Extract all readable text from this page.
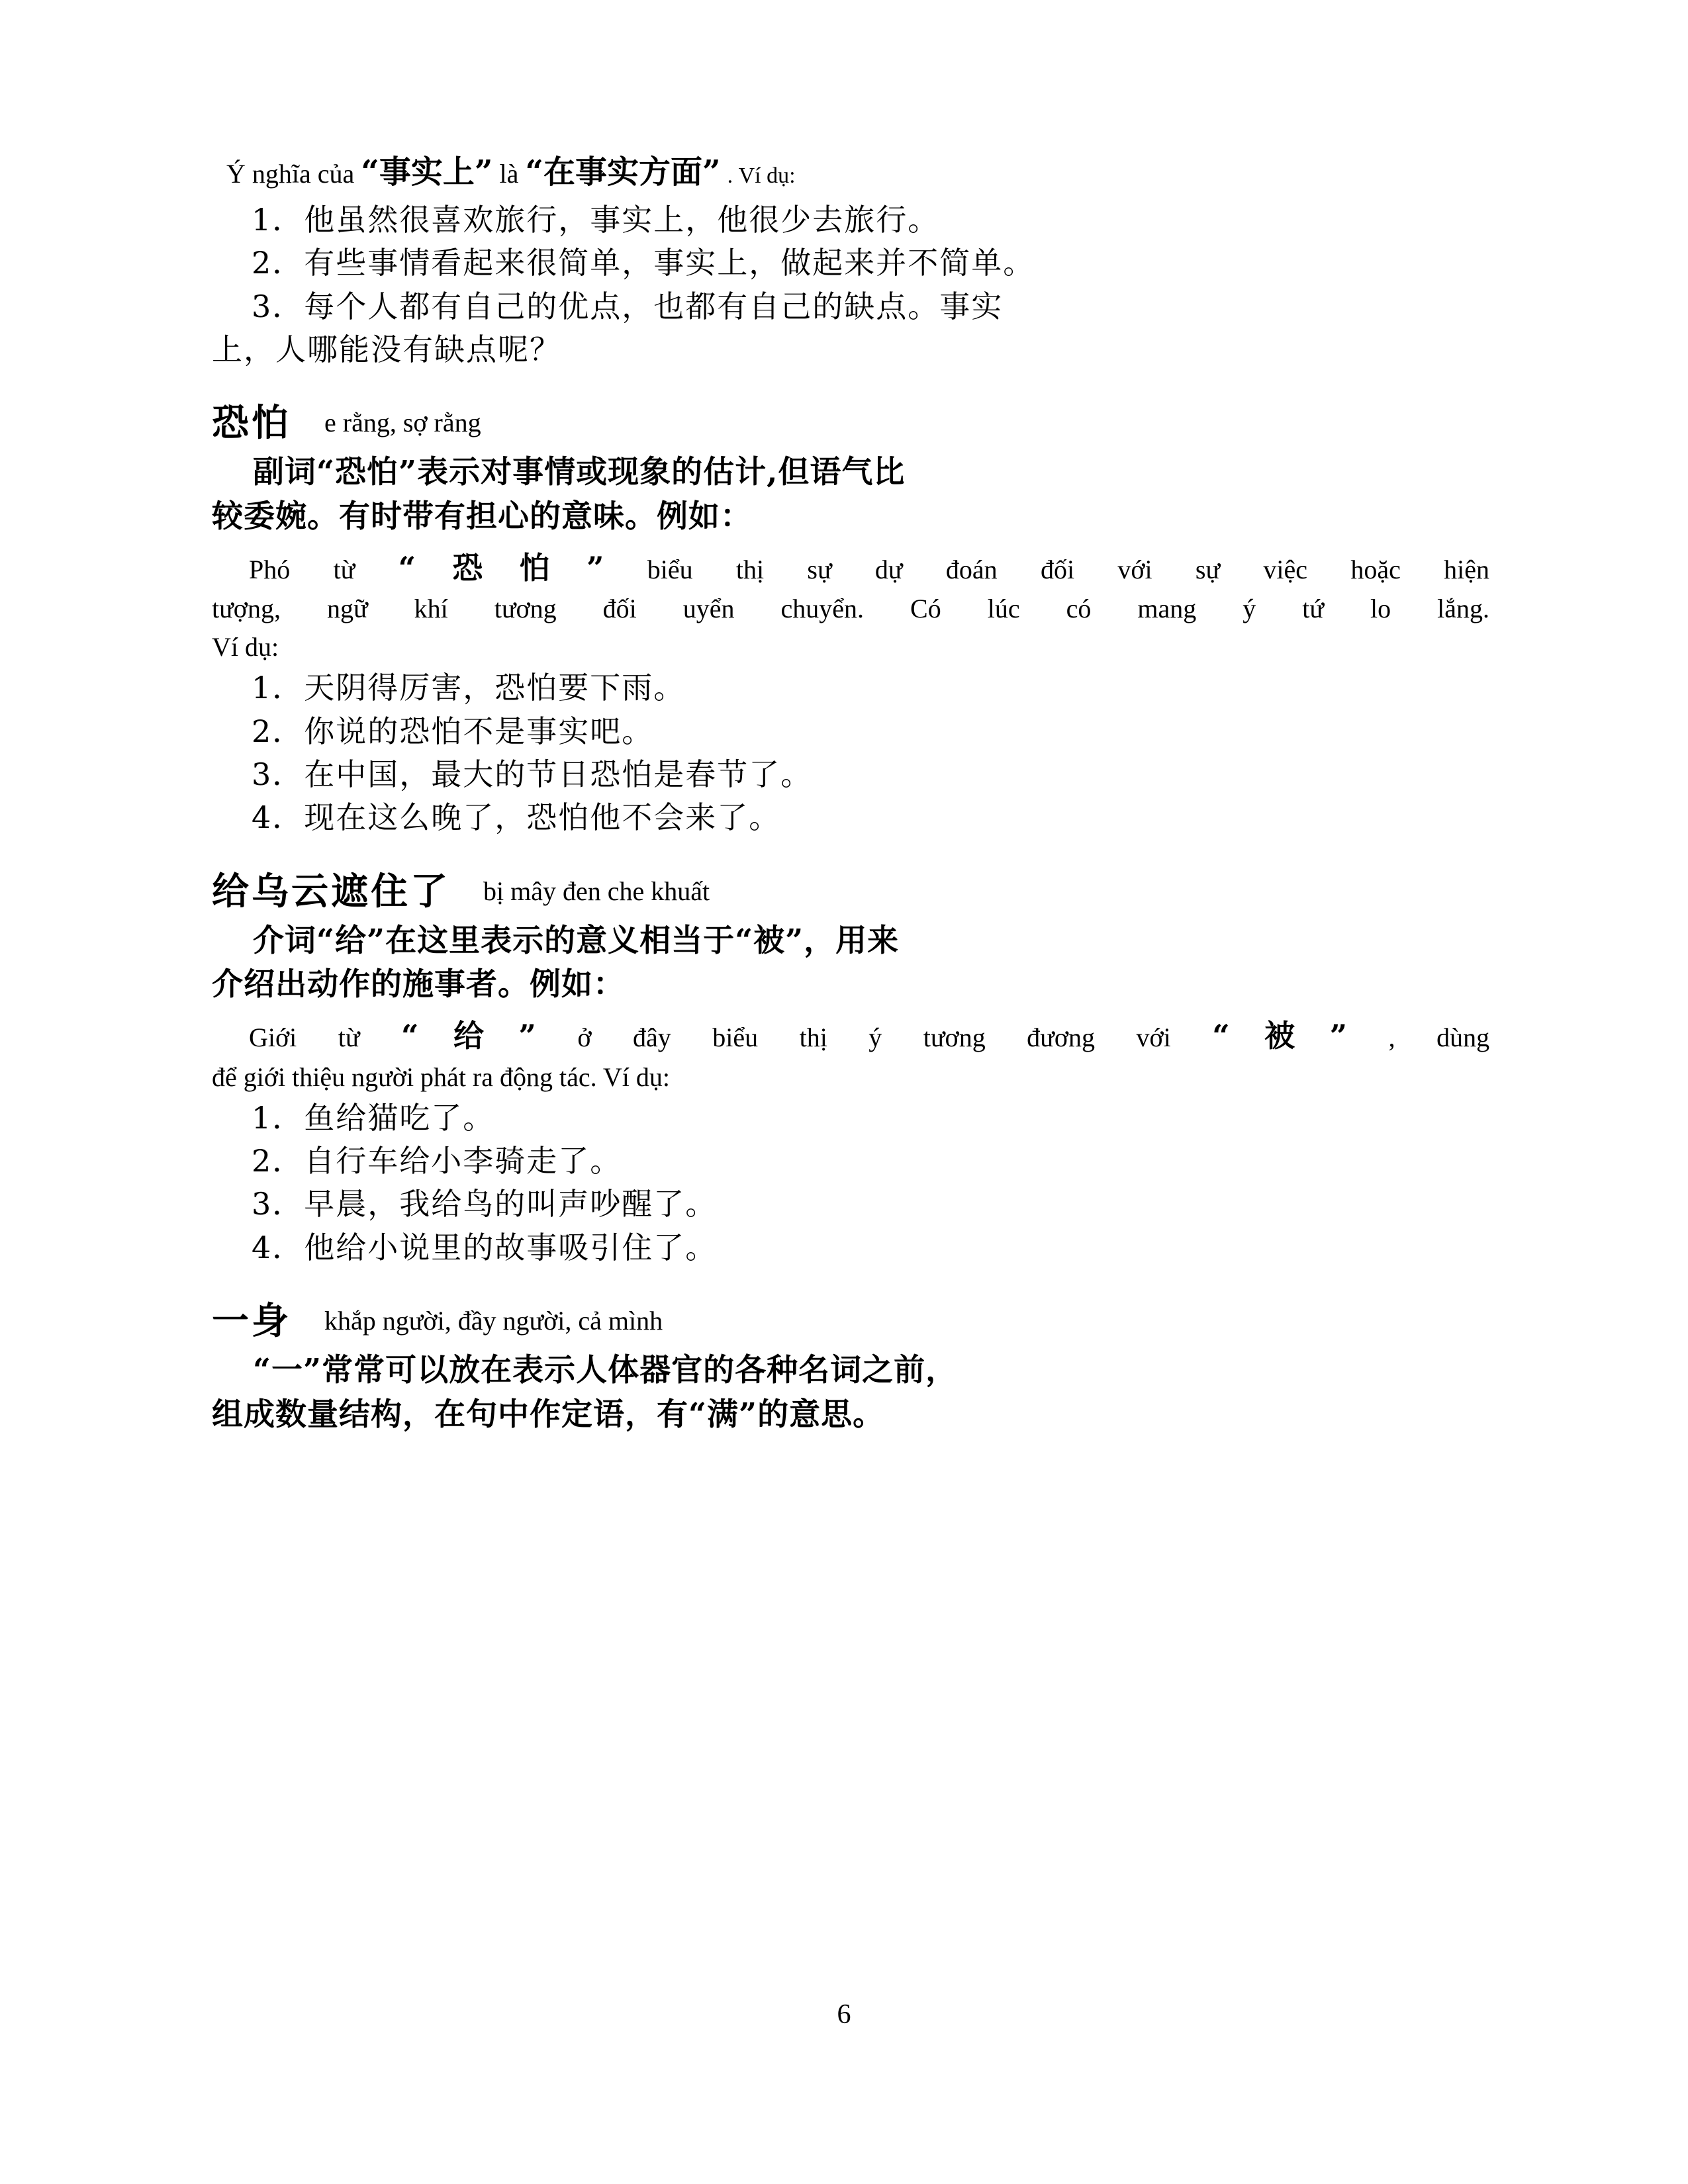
Ý nghĩa của “事实上” là “在事实方面” . Ví dụ:
1．他虽然很喜欢旅行，事实上，他很少去旅行。
2．有些事情看起来很简单，事实上，做起来并不简单。
3．每个人都有自己的优点，也都有自己的缺点。事实
上，人哪能没有缺点呢？
恐怕 e rằng, sợ rằng
副词“恐怕”表示对事情或现象的估计,但语气比
较委婉。有时带有担心的意味。例如：
Phó từ “恐怕” biểu thị sự dự đoán đối với sự việc hoặc hiện
tượng, ngữ khí tương đối uyển chuyển. Có lúc có mang ý tứ lo lắng.
Ví dụ:
1．天阴得厉害，恐怕要下雨。
2．你说的恐怕不是事实吧。
3．在中国，最大的节日恐怕是春节了。
4．现在这么晚了，恐怕他不会来了。
给乌云遮住了 bị mây đen che khuất
介词“给”在这里表示的意义相当于“被”，用来
介绍出动作的施事者。例如：
Giới từ “给” ở đây biểu thị ý tương đương với “被” , dùng
để giới thiệu người phát ra động tác. Ví dụ:
1．鱼给猫吃了。
2．自行车给小李骑走了。
3．早晨，我给鸟的叫声吵醒了。
4．他给小说里的故事吸引住了。
一身 khắp người, đầy người, cả mình
“一”常常可以放在表示人体器官的各种名词之前，
组成数量结构，在句中作定语，有“满”的意思。
6
